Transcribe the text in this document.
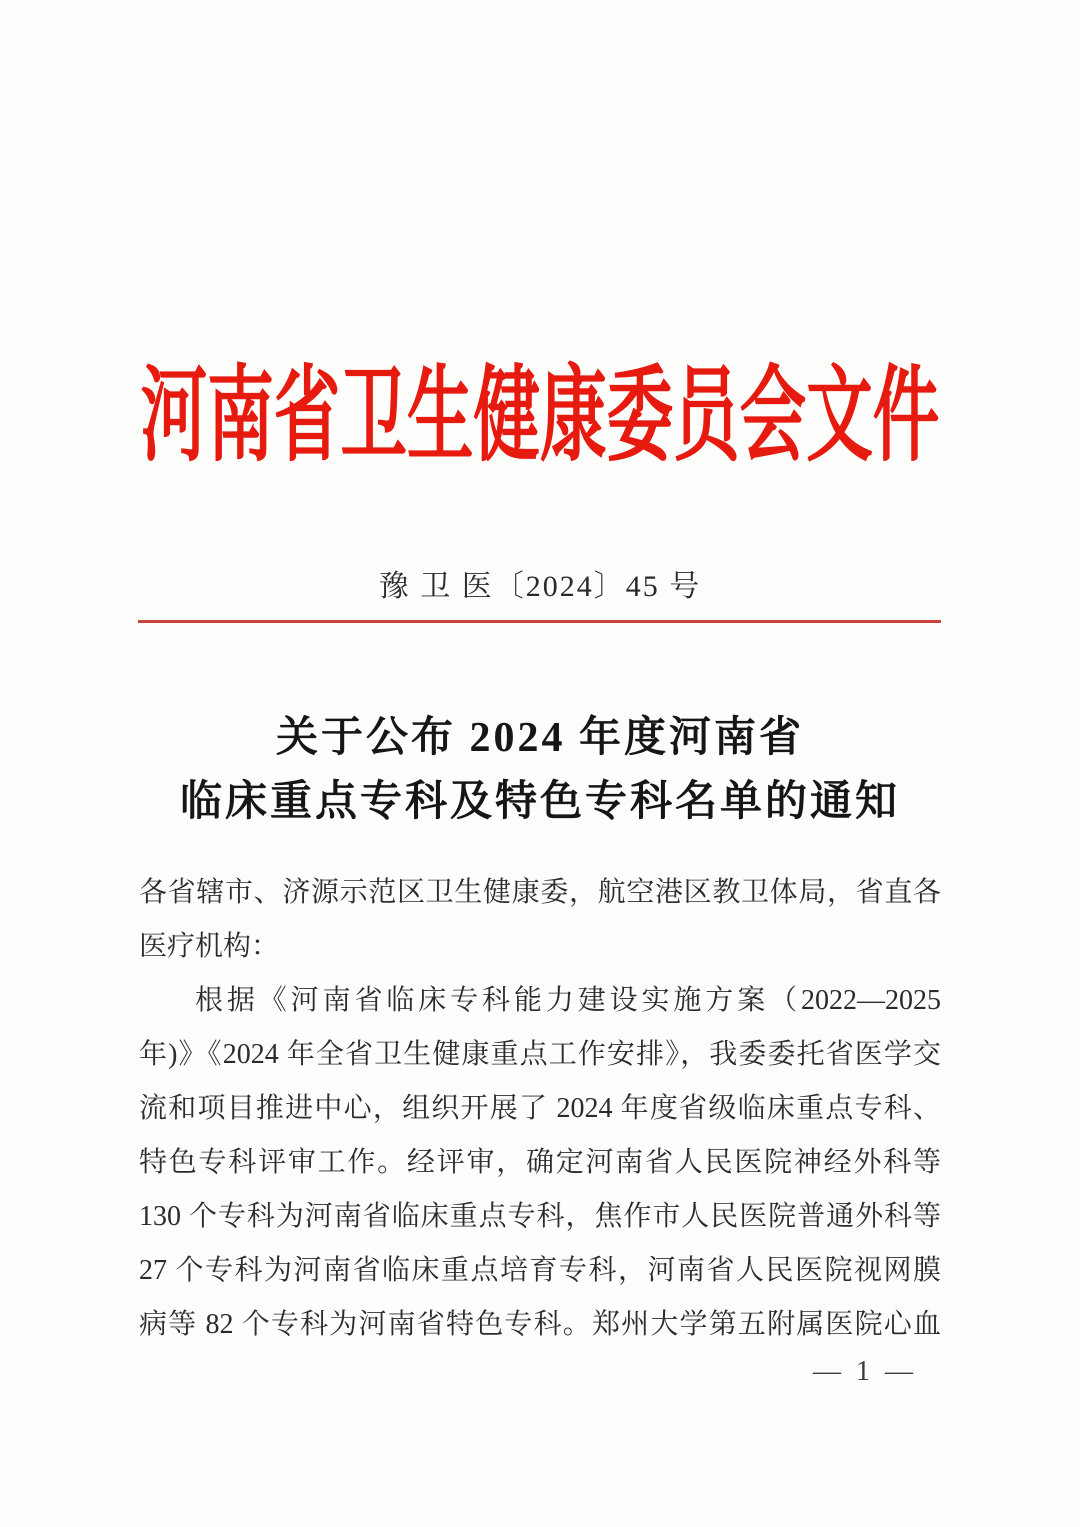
河南省卫生健康委员会文件
豫 卫 医〔2024〕45 号
关于公布 2024 年度河南省
临床重点专科及特色专科名单的通知
各省辖市、济源示范区卫生健康委，航空港区教卫体局，省直各
医疗机构：
根据《河南省临床专科能力建设实施方案（2022—2025
年)》《2024 年全省卫生健康重点工作安排》，我委委托省医学交
流和项目推进中心，组织开展了 2024 年度省级临床重点专科、
特色专科评审工作。经评审，确定河南省人民医院神经外科等
130 个专科为河南省临床重点专科，焦作市人民医院普通外科等
27 个专科为河南省临床重点培育专科，河南省人民医院视网膜
病等 82 个专科为河南省特色专科。郑州大学第五附属医院心血
— 1 —
